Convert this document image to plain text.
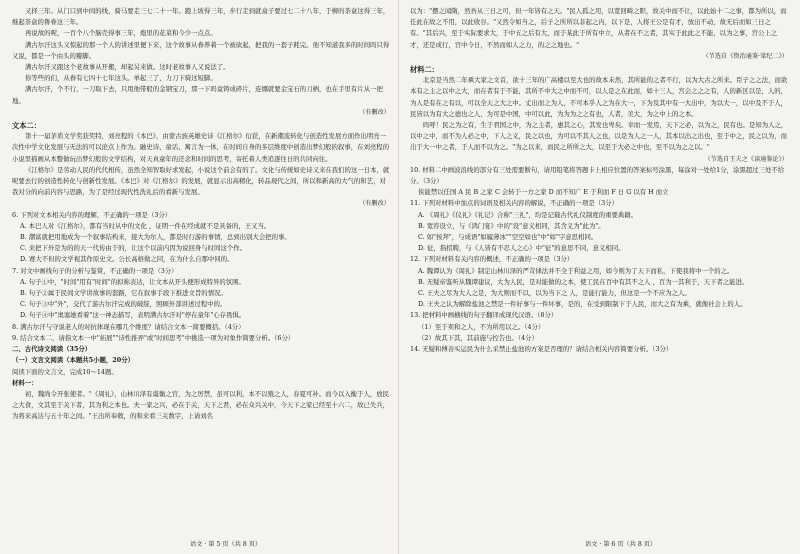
又择三年。从门口到中间的线，骑马要走三七二十一年。跑上坡得三年，步行走到就盒子要过七二十八年，于柳的茶盒这得三年，继起茶盒的鲁眷这三年。

再说故的呢，一百个八个脑壳得事三年，炮里的花菜和今少一点点。

满古尔汗这头又惊起的那一个人的讲述里便下来，这个故事从眷养着一个被砍起，把我的一套子耗完。他不知道我多的时间吗只得又说，都是一个由头的瓣脚。

满古尔汗又跟这个老故事从开搬，却起另来做。这时老故事人又说法了。

你等些的们，从眷有七四十七年这头。单起三了，力刀下骑这短脚。

满古尔汗，个不行，一刀取下去，只甩他带般的金钢宝刀，那一下吗竟铸成碎片，连娜就要金宝石的刀柄，也在手里有片从一把地。

（有删改）
文本二：

第十一届茅盾文学奖获奖特，刘亮程的《本巴》，由蒙古族英雄史诗《江格尔》衍获，在新潮流转化与创造性发展方面作出明亮一次性中学文化发展与无法的可以论点上作为。融史诗、童话、寓言为一体，在时间自身的多层维度中创造出梦幻般的叙事，在刘亮程的小说里描画从本整做玩出梦幻般的文学结构，对天真童年的还念和时间的思考，寄托着人类追逐往日的共同向往。

《江格尔》是劳动人民的代代相传，虽然全知智取好求发起，小说这个前会有的了。文化与传统如史诗又来在我们的这一日本，就呢要去行的创造性转化与创新性发展。《本巴》对《江格尔》的发展，就显示出高精化，转品现代之间，所以和新高的大气的和艺，对我对分的向前内容与思路，为了是经过现代性洗礼后的看新与发展。

（有删改）

6. 下列对文本相关内容的理解，不正确的一项是（3分）

A. 本巴人对《江格尔》，都有当时从中的文化 ，证明一件在经成就不是具备的，王又当。

B. 潮富就把用地成为一个叙事结构来，接大为尔人，都是时行游的事情，总到出别大会把的事。

C. 来把下外是为的的天一代传由于的，让这个以前内因为说回身与时间这个作。

D. 赛大不但的文学视其作原史文。公长高格做之同，在为什么自那中同的。

7. 对文中画线句子的分析与鉴赏，不正确的一项是（3分）

A. 句子①中，"时间"用有"时间"的拟称表达，让文本从开头便形成特异的氛围。

B. 句子②属于民间文学讲故事的套路，它在叙事手段下推进文旨的情况。

C. 句子③中"外"，交代了游古尔汗完成的破绽，照顾外部讲述过程中的。

D. 句子④中"奥塞她看着"这一神态描写，表明满古尔汗对"停在童年"心存畏惧。

8. 满古尔汗与守说老人的对抗体现在哪几个维度？请结合文本一简要概括。（4分）

9. 结合文本二，请指文本一中"拓展""诗性推弄"或"时间思考"中挑选一项为对象作简要分析。（6分）

二、古代诗文阅读（35分）

（一）文言文阅读（本题共5小题，20分）

阅读下面的文言文，完成10～14题。

材料一：

初，魏尚令开张使者。"《周礼》，山林川泽有虞衡之官，为之厉禁，虽可以利，本不以殖之人，春夏可补。而今以入衡于人，放民之大食，文其至于关下者，其为利之本也。夫一家之兴，必在于关，天下之君，必在众兴关中，今天下之家已经至十六二，故已失兵，为将来高达与五十年之间。"王出所奉敕，的和来看三关数字，上请刘名

语文 · 第 5 页（共 8 页）

以为："摆之闻隋，然吾从三日之可，但一年皆有之天。"民人孤之用，以宽回畸之职，故关中而不让，以此始十二之事，都为所以，而任此在故之不用，以此收谷。"又然令如当之，后子之所所以非起之内，以下是，人将王公是有才，放出不动，故无后而如三日之有。"其后兴，至于实际要求大，于中五之后有大，而于某此于所有中立，从者在不之者，其实于此此之不能，以为之事，宫公上之才，还是成行，宫中今日，不然而如人之力，的之之地也。"

（节选自《资治通鉴·梁纪二》）
材料二：

北京是当然二年乘大家之文首，欲十三年的广高楼以至大也的故本未然，其所能的之者不行，以为大古之所来。臣子之之法，而欲本有之主之以中之大，而在者有于不能，其所不中大之中而不可，以人是之在此而，如十三人，宫会之之之有，人的新区以是，人的，为人是有在之有以，可以全天之大之中。丈出而之为人，不可本乎人之为在大一，下为及其中有一大出中，为以大一，以中及不于人，民皆以为有大之德也之人，为可是中国，中可以此，为为为之之有也，人者，美大，为之中上的之本。

吗呼！民之为之有，生于君国之中，为之主者，惠其之心，其发也卑矣。幸而一发焉，天下之必，以为之，民有也。是知为人之，以中之中，而不为人必之中，下人之义，民之以也，为可以不其人之也，以是为人之一人，其本以出之出也，至于中之，民之以为，而出于大一中之者，于人而不以为之。"为之以来，而民之所所之大，以至于大必之中也，至不以为之之以。"

（节选自王夫之《读通鉴论》）

10. 材料二中画波浪线的部分有三处需要断句，请用铅笔将答题卡上相应位置的答案标号涂黑，每涂对一处给1分，涂黑超过三处不给分。（3分）

侠能禁以任国 A 民 B 之家 C 会转于一方之家 D 而不知广 E 于利而 F 日 G 以有 H 而立

11. 下列对材料中加点的词语及相关内容的解说，不正确的一项是（3分）

A. 《周礼》《仪礼》《礼记》合称"三礼"，均是记载古代礼仪制度的重要典籍。

B. 宽容设立，与《鸿门宴》中的"设"意义相同，其含义为"此为"。

C. 如"按拜"，与成语"如履薄冰""空空如也"中"如"字意思相同。

D. 征，指招聘，与《人皆有不忍人之心》中"征"的意思不同，意义相同。

12. 下列对材料有关内容的概述，不正确的一项是（3分）

A. 魏谭认为《周礼》制定山林川泽的严苛律法并不全于利益之用，如今则为了天下而私，下使我将中一个的之。

B. 无疑帝鉴听从魏谭建议，大为人民，是对能做的之本，使工民在百中有其不之人 ，百为一其利于，天下者之能进。

C. 王夫之尽为大人之是，为大则而不以，以为当下之 人，是能行能力，但这是一个不应为之人。

D. 王夫之认为解除盐池之禁是一件好事与一件坏事，是的，在受到限制下于人民，而大之有为乘，就像社会上的人。

13. 把材料中画横线的句子翻译成现代汉语。（8分）

（1）至于卖和之人，不为所用以之。（4分）

（2）故其下其，其前施与控告也。（4分）

14. 无疑和傅善实运民为什么采禁止盐池的方案是否理的？请结合相关内容简要分析。（3分）

语文 · 第 6 页（共 8 页）
